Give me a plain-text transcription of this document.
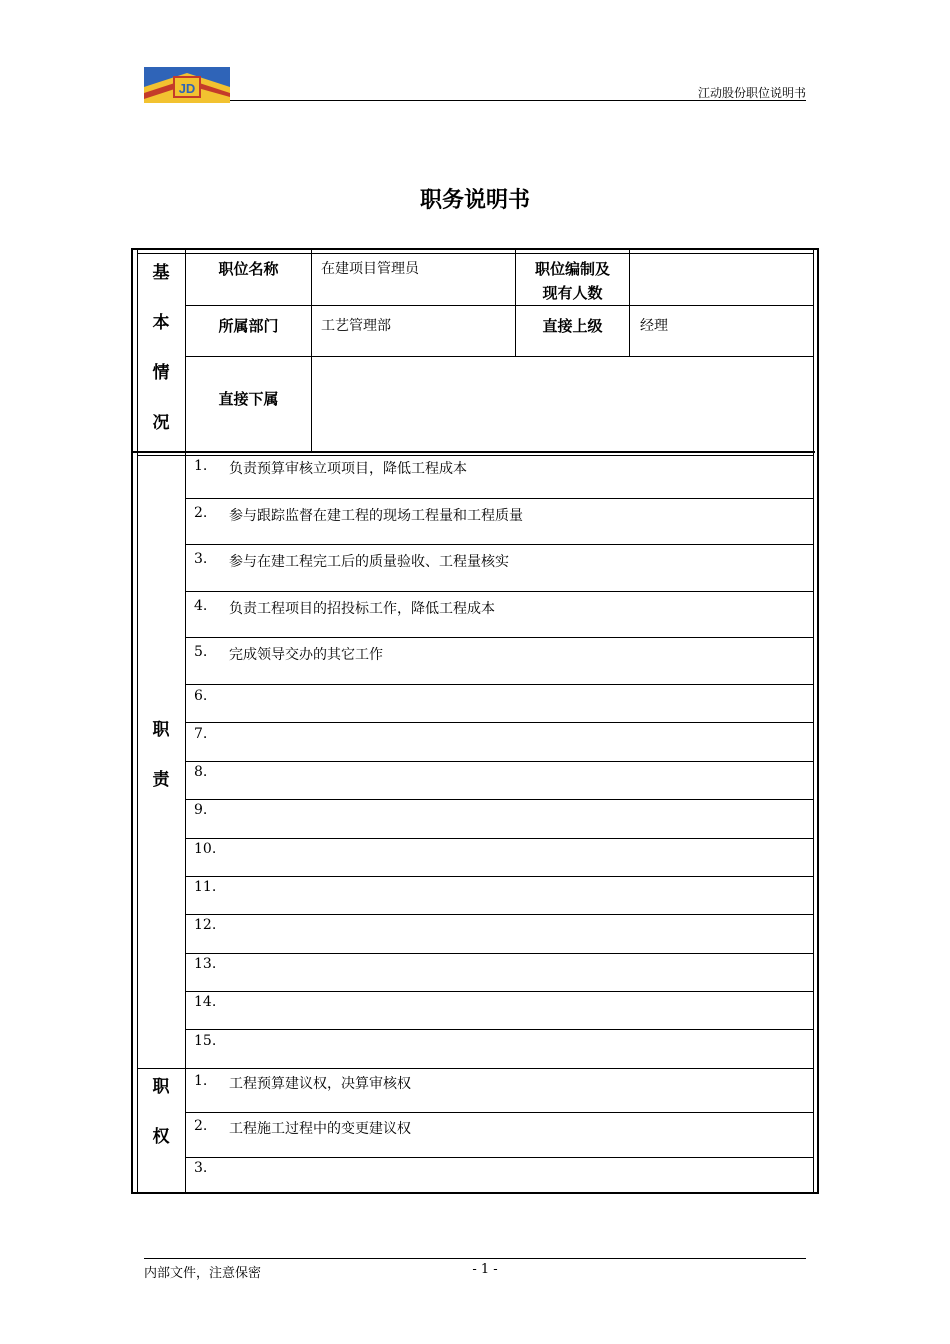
JD	江动股份职位说明书
职务说明书
基
本
情
况
职位名称	在建项目管理员	职位编制及
现有人数
所属部门	工艺管理部	直接上级	经理
直接下属
职
责
1. 负责预算审核立项项目，降低工程成本
2. 参与跟踪监督在建工程的现场工程量和工程质量
3. 参与在建工程完工后的质量验收、工程量核实
4. 负责工程项目的招投标工作，降低工程成本
5. 完成领导交办的其它工作
6.
7.
8.
9.
10.
11.
12.
13.
14.
15.
职
权
1. 工程预算建议权，决算审核权
2. 工程施工过程中的变更建议权
3.
内部文件，注意保密	- 1 -
